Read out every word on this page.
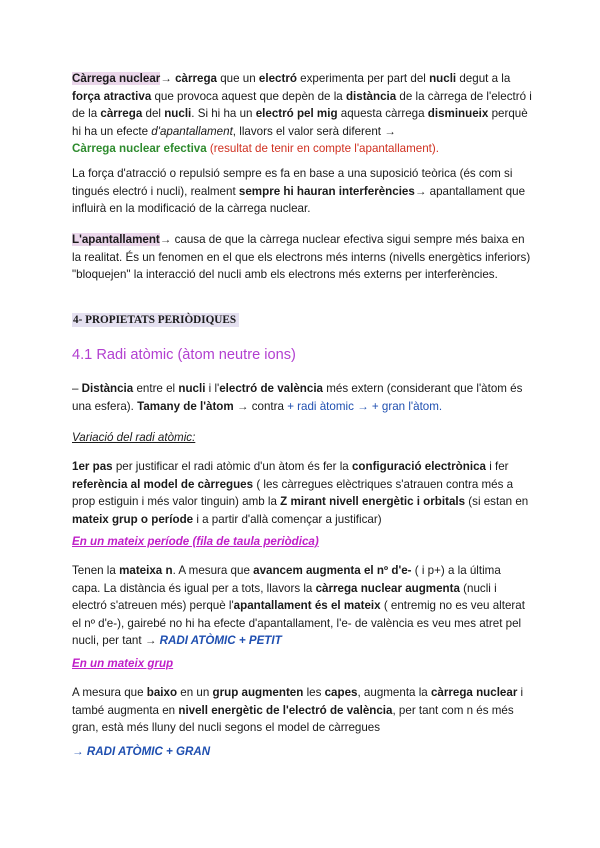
Càrrega nuclear→ càrrega que un electró experimenta per part del nucli degut a la força atractiva que provoca aquest que depèn de la distància de la càrrega de l'electró i de la càrrega del nucli. Si hi ha un electró pel mig aquesta càrrega disminueix perquè hi ha un efecte d'apantallament, llavors el valor serà diferent →
Càrrega nuclear efectiva (resultat de tenir en compte l'apantallament).

La força d'atracció o repulsió sempre es fa en base a una suposició teòrica (és com si tingués electró i nucli), realment sempre hi hauran interferències→ apantallament que influirà en la modificació de la càrrega nuclear.

L'apantallament→ causa de que la càrrega nuclear efectiva sigui sempre més baixa en la realitat. És un fenomen en el que els electrons més interns (nivells energètics inferiors) "bloquejen" la interacció del nucli amb els electrons més externs per interferències.

4- PROPIETATS PERIÒDIQUES

4.1 Radi atòmic (àtom neutre ions)

– Distància entre el nucli i l'electró de valència més extern (considerant que l'àtom és una esfera). Tamany de l'àtom → contra + radi àtomic → + gran l'àtom.

Variació del radi atòmic:

1er pas per justificar el radi atòmic d'un àtom és fer la configuració electrònica i fer referència al model de càrregues ( les càrregues elèctriques s'atrauen contra més a prop estiguin i més valor tinguin) amb la Z mirant nivell energètic i orbitals (si estan en mateix grup o període i a partir d'allà començar a justificar)

En un mateix període (fila de taula periòdica)

Tenen la mateixa n. A mesura que avancem augmenta el nº d'e- ( i p+) a la última capa. La distància és igual per a tots, llavors la càrrega nuclear augmenta (nucli i electró s'atreuen més) perquè l'apantallament és el mateix ( entremig no es veu alterat el nº d'e-), gairebé no hi ha efecte d'apantallament, l'e- de valència es veu mes atret pel nucli, per tant → RADI ATÒMIC + PETIT

En un mateix grup

A mesura que baixo en un grup augmenten les capes, augmenta la càrrega nuclear i també augmenta en nivell energètic de l'electró de valència, per tant com n és més gran, està més lluny del nucli segons el model de càrregues

→ RADI ATÒMIC + GRAN
